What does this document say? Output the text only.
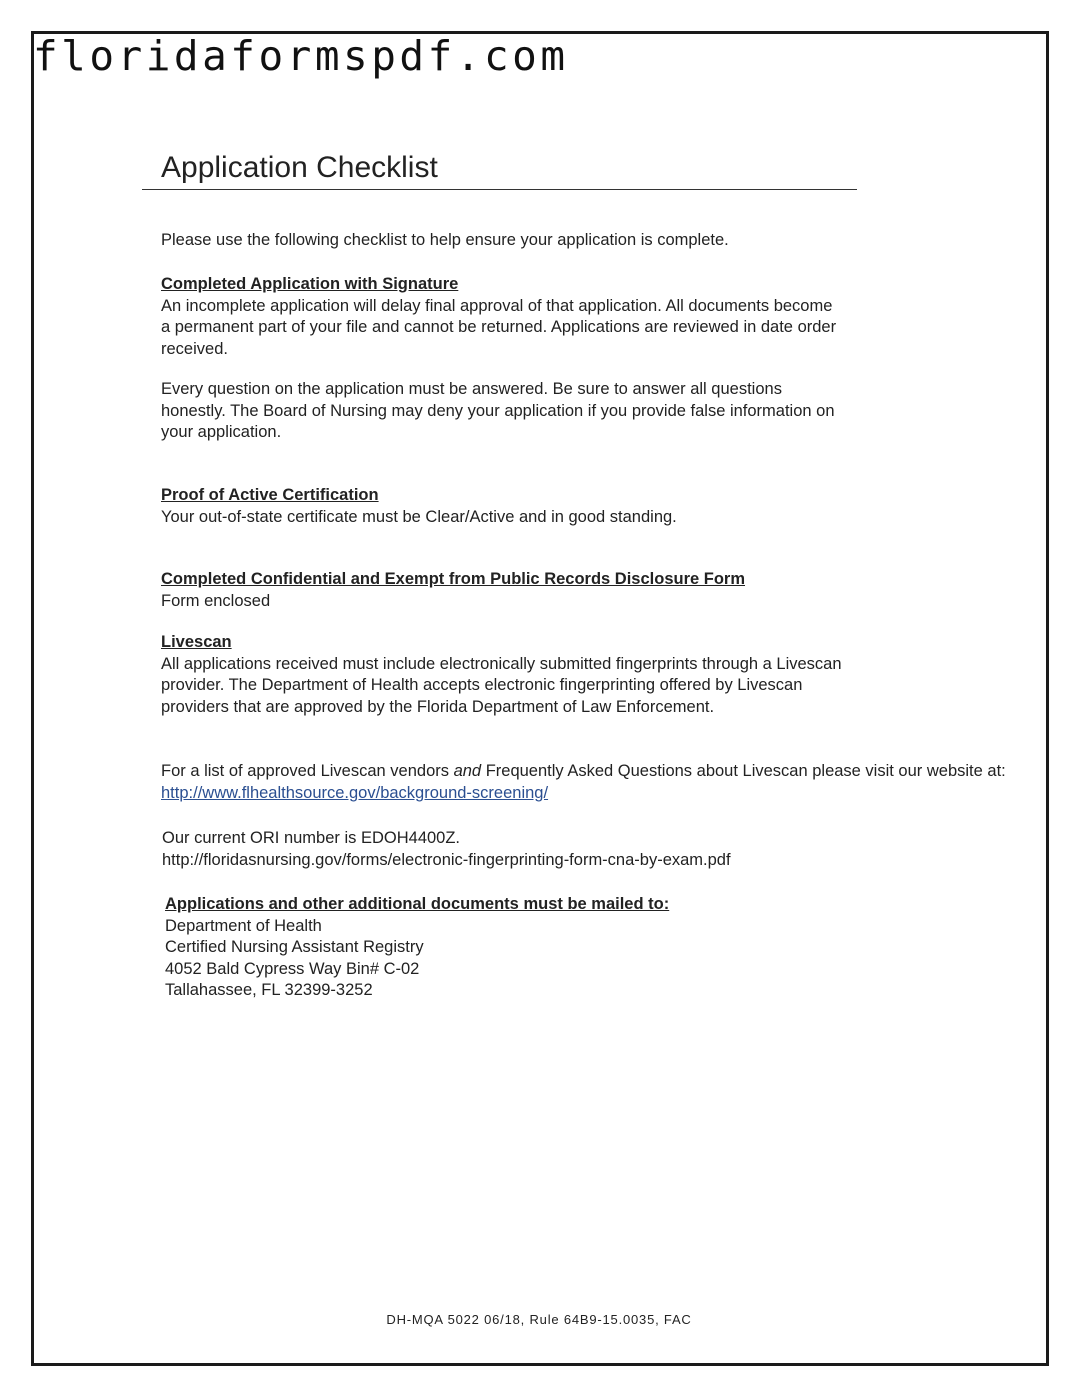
floridaformspdf.com
Application Checklist
Please use the following checklist to help ensure your application is complete.
Completed Application with Signature
An incomplete application will delay final approval of that application. All documents become
a permanent part of your file and cannot be returned. Applications are reviewed in date order
received.
Every question on the application must be answered. Be sure to answer all questions
honestly. The Board of Nursing may deny your application if you provide false information on
your application.
Proof of Active Certification
Your out-of-state certificate must be Clear/Active and in good standing.
Completed Confidential and Exempt from Public Records Disclosure Form
Form enclosed
Livescan
All applications received must include electronically submitted fingerprints through a Livescan
provider. The Department of Health accepts electronic fingerprinting offered by Livescan
providers that are approved by the Florida Department of Law Enforcement.
For a list of approved Livescan vendors and Frequently Asked Questions about Livescan please visit our website at:
http://www.flhealthsource.gov/background-screening/
Our current ORI number is EDOH4400Z.
http://floridasnursing.gov/forms/electronic-fingerprinting-form-cna-by-exam.pdf
Applications and other additional documents must be mailed to:
Department of Health
Certified Nursing Assistant Registry
4052 Bald Cypress Way Bin# C-02
Tallahassee, FL 32399-3252
DH-MQA 5022 06/18, Rule 64B9-15.0035, FAC
